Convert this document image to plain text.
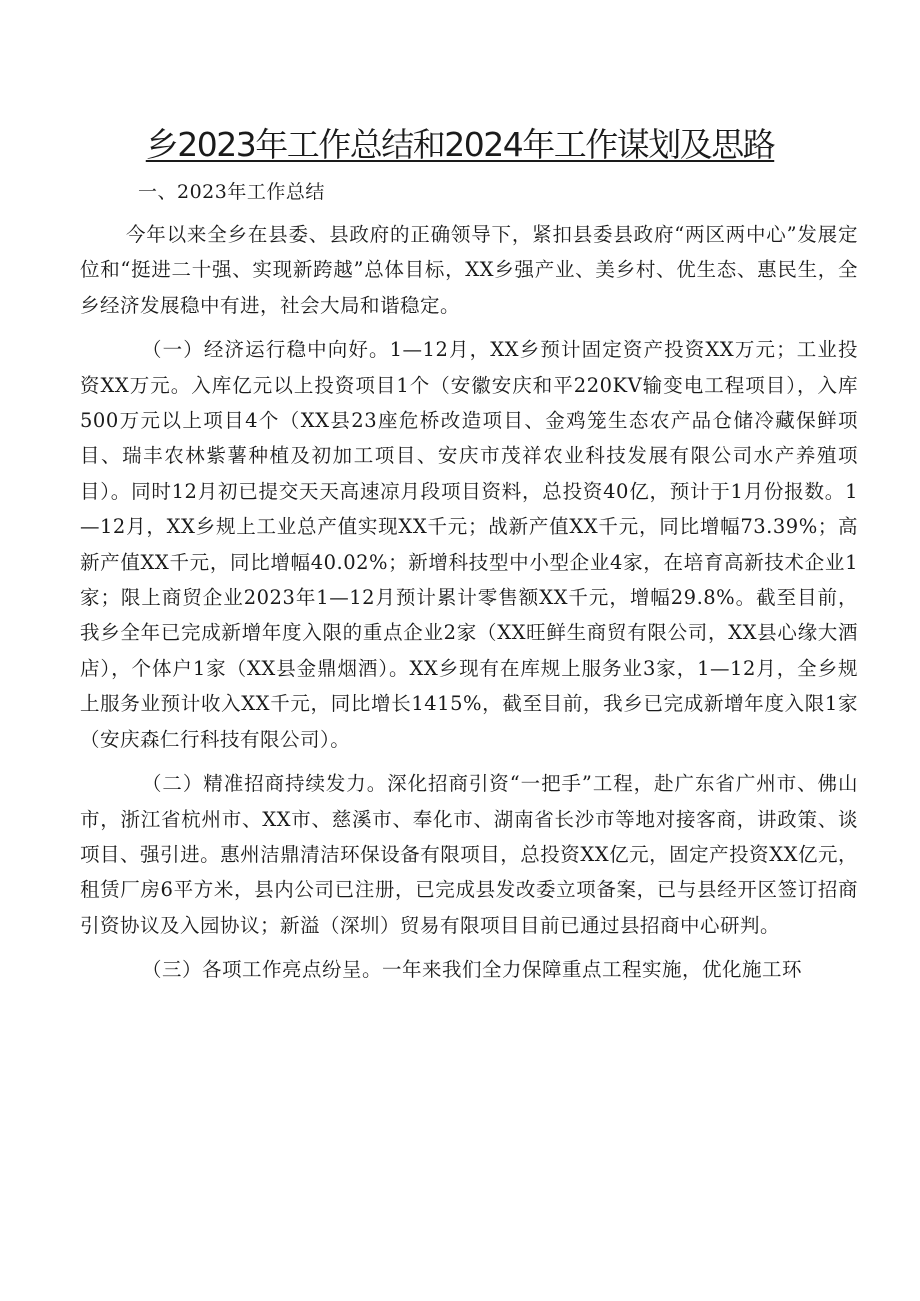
乡2023年工作总结和2024年工作谋划及思路
一、2023年工作总结

今年以来全乡在县委、县政府的正确领导下，紧扣县委县政府“两区两中心”发展定位和“挺进二十强、实现新跨越”总体目标，XX乡强产业、美乡村、优生态、惠民生，全乡经济发展稳中有进，社会大局和谐稳定。

（一）经济运行稳中向好。1—12月，XX乡预计固定资产投资XX万元；工业投资XX万元。入库亿元以上投资项目1个（安徽安庆和平220KV输变电工程项目），入库500万元以上项目4个（XX县23座危桥改造项目、金鸡笼生态农产品仓储冷藏保鲜项目、瑞丰农林紫薯种植及初加工项目、安庆市茂祥农业科技发展有限公司水产养殖项目）。同时12月初已提交天天高速凉月段项目资料，总投资40亿，预计于1月份报数。1—12月，XX乡规上工业总产值实现XX千元；战新产值XX千元，同比增幅73.39%；高新产值XX千元，同比增幅40.02%；新增科技型中小型企业4家，在培育高新技术企业1家；限上商贸企业2023年1—12月预计累计零售额XX千元，增幅29.8%。截至目前，我乡全年已完成新增年度入限的重点企业2家（XX旺鲜生商贸有限公司，XX县心缘大酒店），个体户1家（XX县金鼎烟酒）。XX乡现有在库规上服务业3家，1—12月，全乡规上服务业预计收入XX千元，同比增长1415%，截至目前，我乡已完成新增年度入限1家（安庆森仁行科技有限公司）。

（二）精准招商持续发力。深化招商引资“一把手”工程，赴广东省广州市、佛山市，浙江省杭州市、XX市、慈溪市、奉化市、湖南省长沙市等地对接客商，讲政策、谈项目、强引进。惠州洁鼎清洁环保设备有限项目，总投资XX亿元，固定产投资XX亿元，租赁厂房6平方米，县内公司已注册，已完成县发改委立项备案，已与县经开区签订招商引资协议及入园协议；新溢（深圳）贸易有限项目目前已通过县招商中心研判。

（三）各项工作亮点纷呈。一年来我们全力保障重点工程实施，优化施工环
